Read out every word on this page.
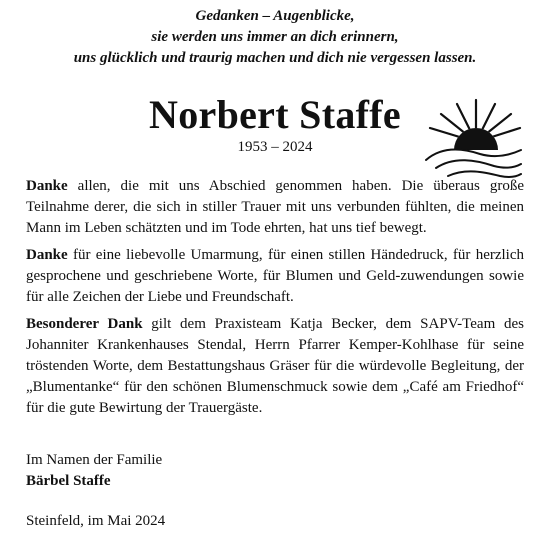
Gedanken – Augenblicke,
sie werden uns immer an dich erinnern,
uns glücklich und traurig machen und dich nie vergessen lassen.
Norbert Staffe
1953 – 2024

Danke allen, die mit uns Abschied genommen haben. Die überaus große Teilnahme derer, die sich in stiller Trauer mit uns verbunden fühlten, die meinen Mann im Leben schätzten und im Tode ehrten, hat uns tief bewegt.

Danke für eine liebevolle Umarmung, für einen stillen Händedruck, für herzlich gesprochene und geschriebene Worte, für Blumen und Geld-zuwendungen sowie für alle Zeichen der Liebe und Freundschaft.

Besonderer Dank gilt dem Praxisteam Katja Becker, dem SAPV-Team des Johanniter Krankenhauses Stendal, Herrn Pfarrer Kemper-Kohlhase für seine tröstenden Worte, dem Bestattungshaus Gräser für die würdevolle Begleitung, der „Blumentanke“ für den schönen Blumenschmuck sowie dem „Café am Friedhof“ für die gute Bewirtung der Trauergäste.

Im Namen der Familie
Bärbel Staffe
Steinfeld, im Mai 2024
